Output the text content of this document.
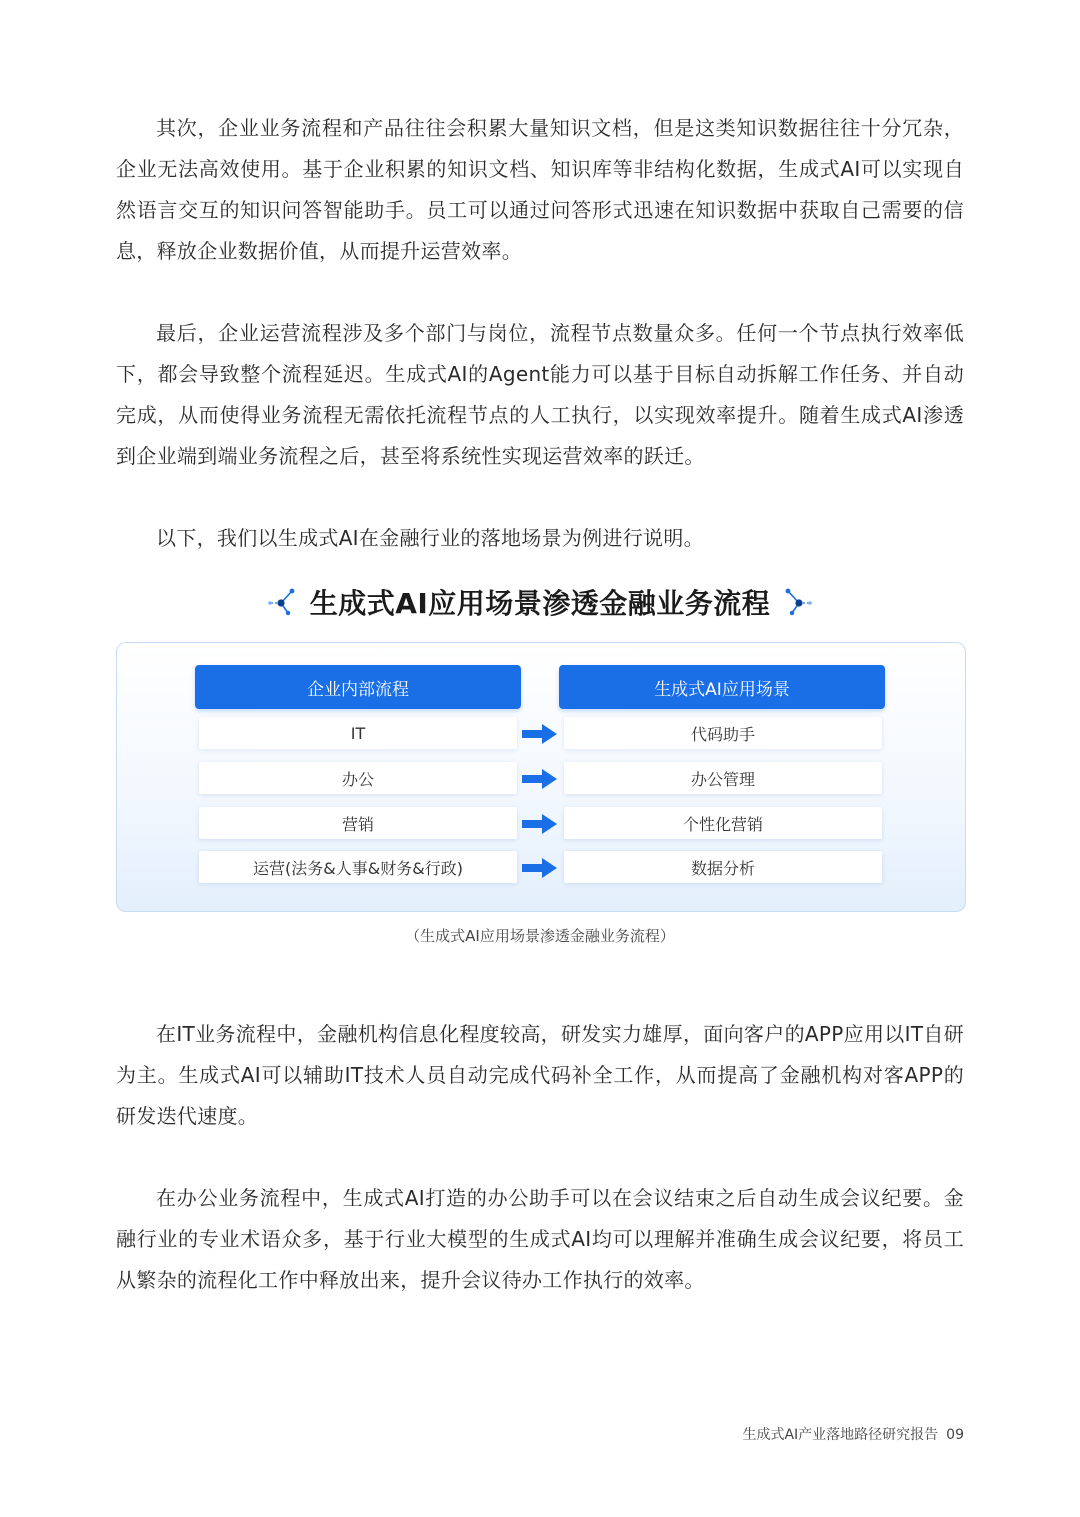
其次，企业业务流程和产品往往会积累大量知识文档，但是这类知识数据往往十分冗杂，企业无法高效使用。基于企业积累的知识文档、知识库等非结构化数据，生成式AI可以实现自然语言交互的知识问答智能助手。员工可以通过问答形式迅速在知识数据中获取自己需要的信息，释放企业数据价值，从而提升运营效率。

最后，企业运营流程涉及多个部门与岗位，流程节点数量众多。任何一个节点执行效率低下，都会导致整个流程延迟。生成式AI的Agent能力可以基于目标自动拆解工作任务、并自动完成，从而使得业务流程无需依托流程节点的人工执行，以实现效率提升。随着生成式AI渗透到企业端到端业务流程之后，甚至将系统性实现运营效率的跃迁。

以下，我们以生成式AI在金融行业的落地场景为例进行说明。

生成式AI应用场景渗透金融业务流程
企业内部流程	生成式AI应用场景
IT	代码助手
办公	办公管理
营销	个性化营销
运营(法务&人事&财务&行政)	数据分析
（生成式AI应用场景渗透金融业务流程）

在IT业务流程中，金融机构信息化程度较高，研发实力雄厚，面向客户的APP应用以IT自研为主。生成式AI可以辅助IT技术人员自动完成代码补全工作，从而提高了金融机构对客APP的研发迭代速度。

在办公业务流程中，生成式AI打造的办公助手可以在会议结束之后自动生成会议纪要。金融行业的专业术语众多，基于行业大模型的生成式AI均可以理解并准确生成会议纪要，将员工从繁杂的流程化工作中释放出来，提升会议待办工作执行的效率。

生成式AI产业落地路径研究报告 09
